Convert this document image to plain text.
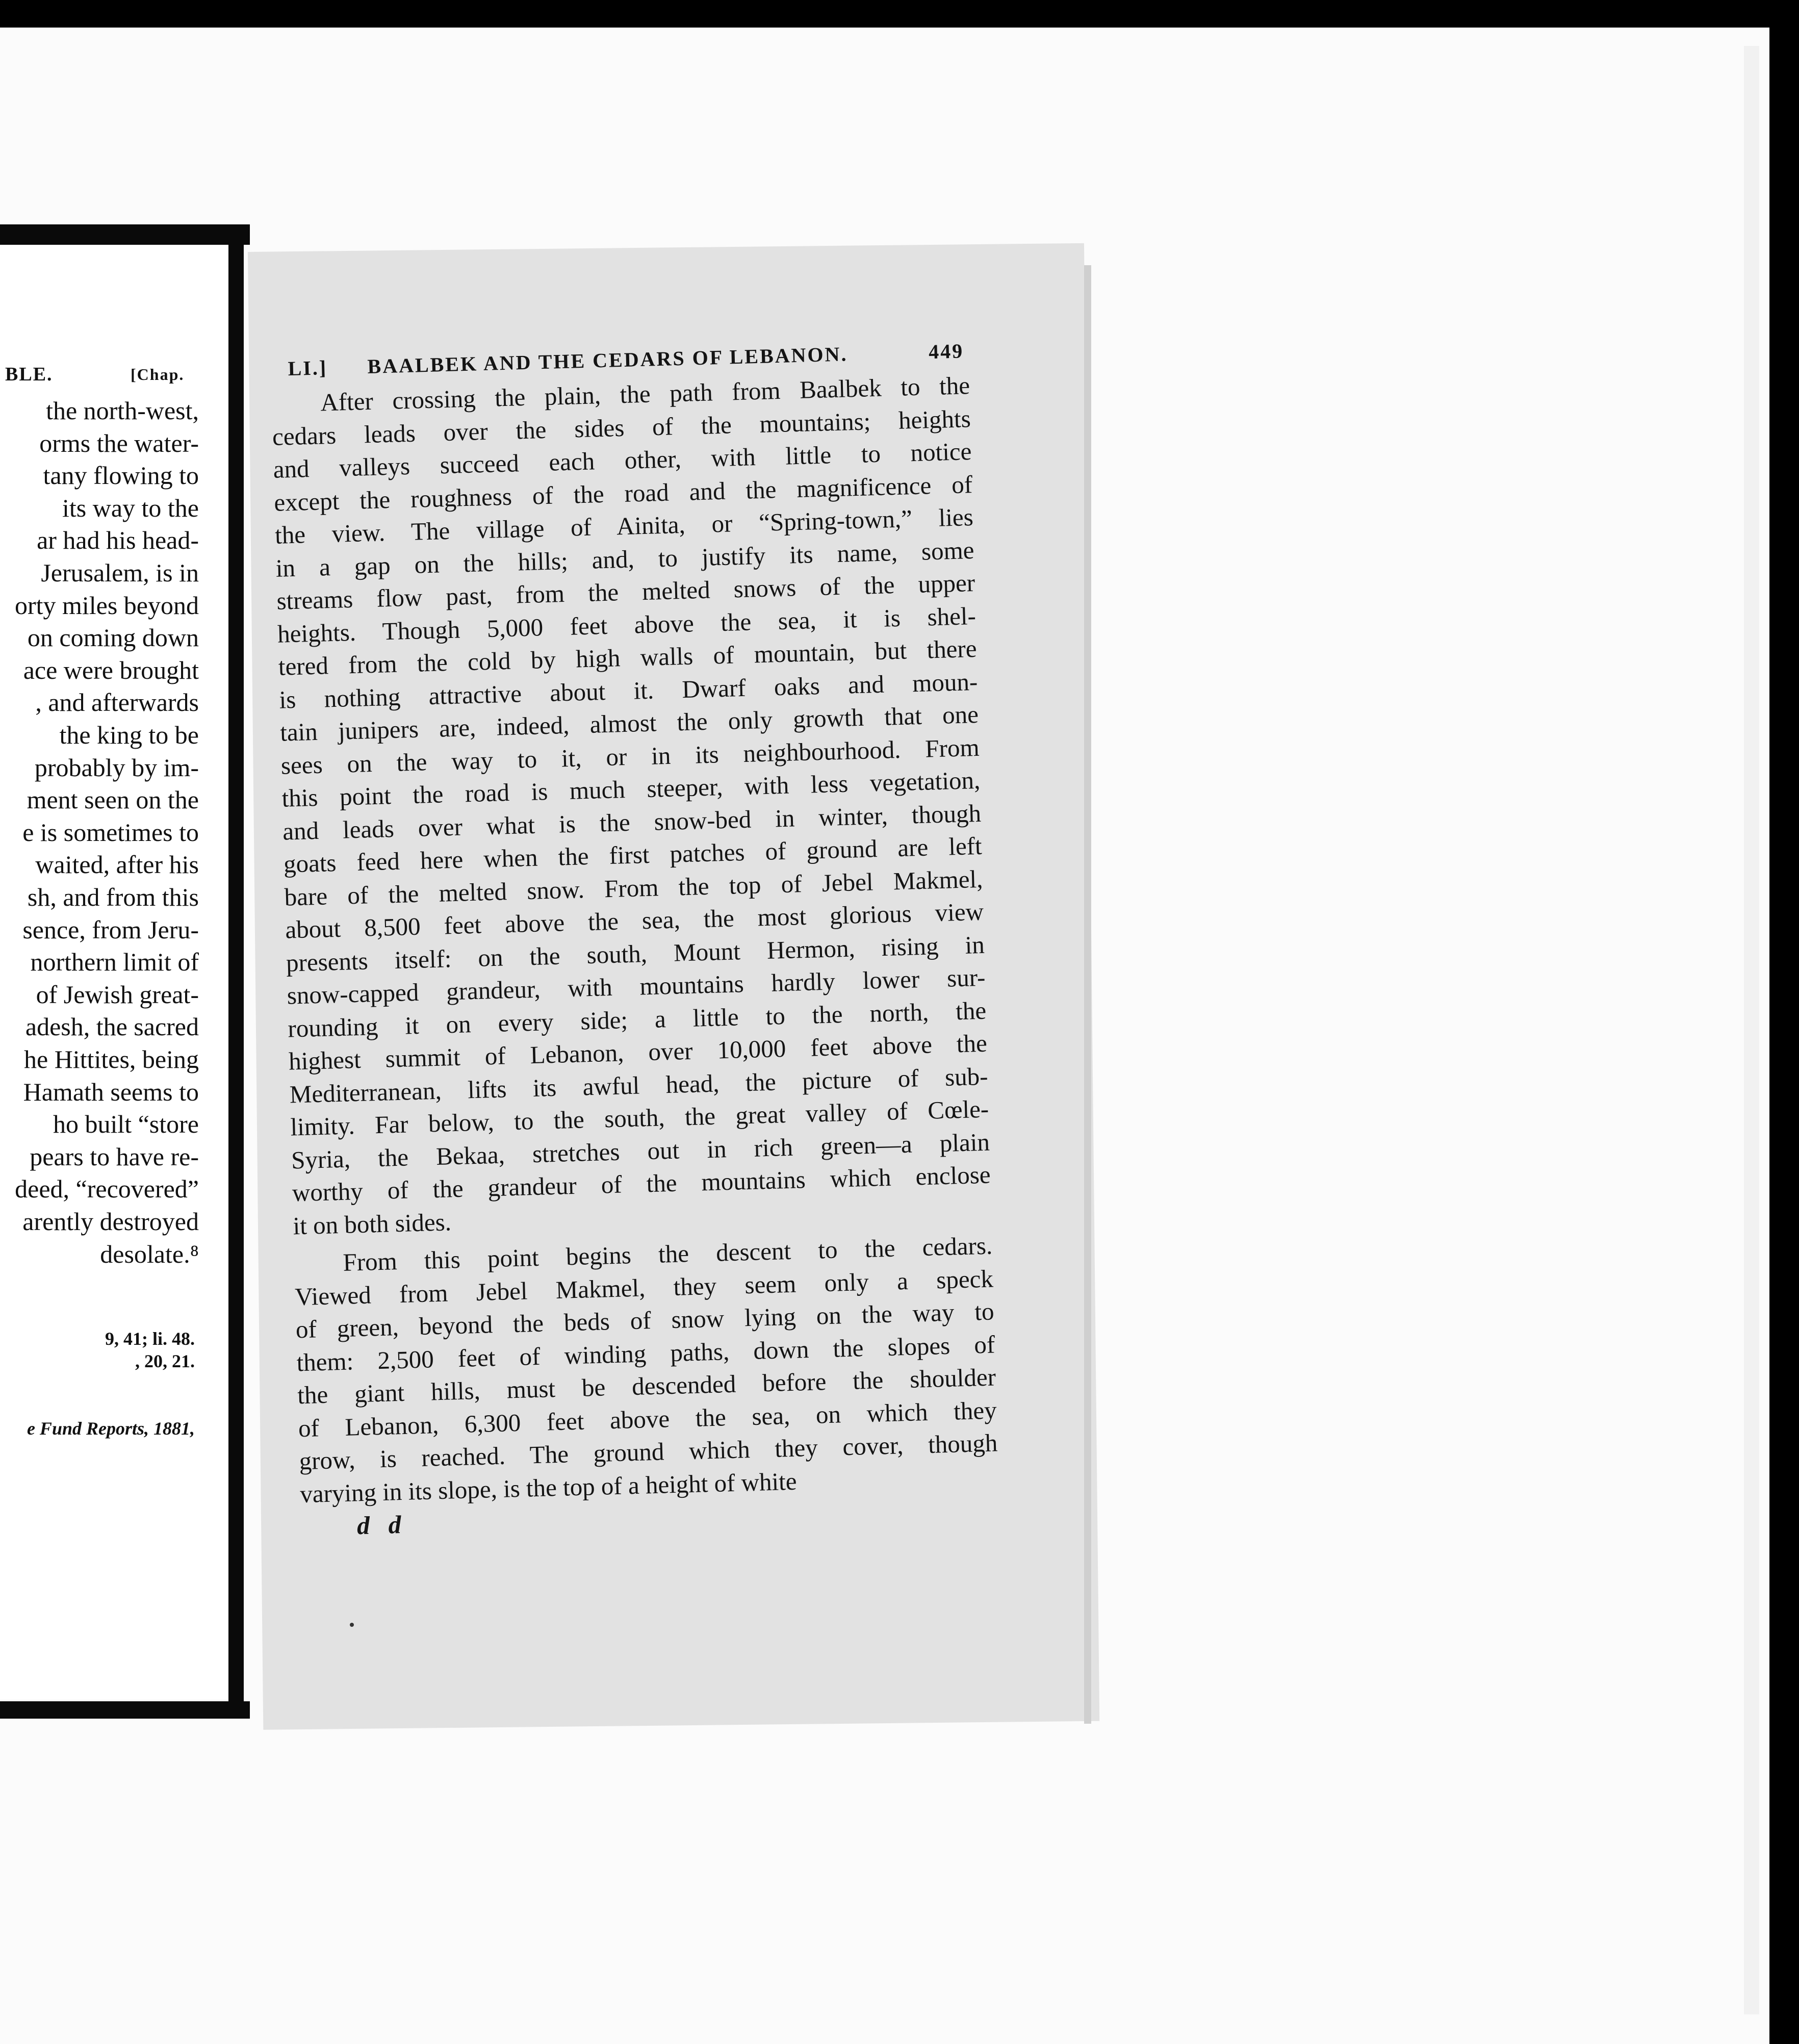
BLE.	[Chap.

the north-west,

orms the water-

tany flowing to

its way to the

ar had his head-

Jerusalem, is in

orty miles beyond

on coming down

ace were brought

, and afterwards

the king to be

probably by im-

ment seen on the

e is sometimes to

waited, after his

sh, and from this

sence, from Jeru-

northern limit of

of Jewish great-

adesh, the sacred

he Hittites, being

Hamath seems to

ho built “store

pears to have re-

deed, “recovered”

arently destroyed

desolate.⁸

9, 41; li. 48.

, 20, 21.

e Fund Reports, 1881,

LI.] BAALBEK AND THE CEDARS OF LEBANON.	449

After crossing the plain, the path from Baalbek to the

cedars leads over the sides of the mountains; heights

and valleys succeed each other, with little to notice

except the roughness of the road and the magnificence of

the view. The village of Ainita, or “Spring-town,” lies

in a gap on the hills; and, to justify its name, some

streams flow past, from the melted snows of the upper

heights. Though 5,000 feet above the sea, it is shel-

tered from the cold by high walls of mountain, but there

is nothing attractive about it. Dwarf oaks and moun-

tain junipers are, indeed, almost the only growth that one

sees on the way to it, or in its neighbourhood. From

this point the road is much steeper, with less vegetation,

and leads over what is the snow-bed in winter, though

goats feed here when the first patches of ground are left

bare of the melted snow. From the top of Jebel Makmel,

about 8,500 feet above the sea, the most glorious view

presents itself: on the south, Mount Hermon, rising in

snow-capped grandeur, with mountains hardly lower sur-

rounding it on every side; a little to the north, the

highest summit of Lebanon, over 10,000 feet above the

Mediterranean, lifts its awful head, the picture of sub-

limity. Far below, to the south, the great valley of Cœle-

Syria, the Bekaa, stretches out in rich green—a plain

worthy of the grandeur of the mountains which enclose

it on both sides.

From this point begins the descent to the cedars.

Viewed from Jebel Makmel, they seem only a speck

of green, beyond the beds of snow lying on the way to

them: 2,500 feet of winding paths, down the slopes of

the giant hills, must be descended before the shoulder

of Lebanon, 6,300 feet above the sea, on which they

grow, is reached. The ground which they cover, though

varying in its slope, is the top of a height of white

d d
